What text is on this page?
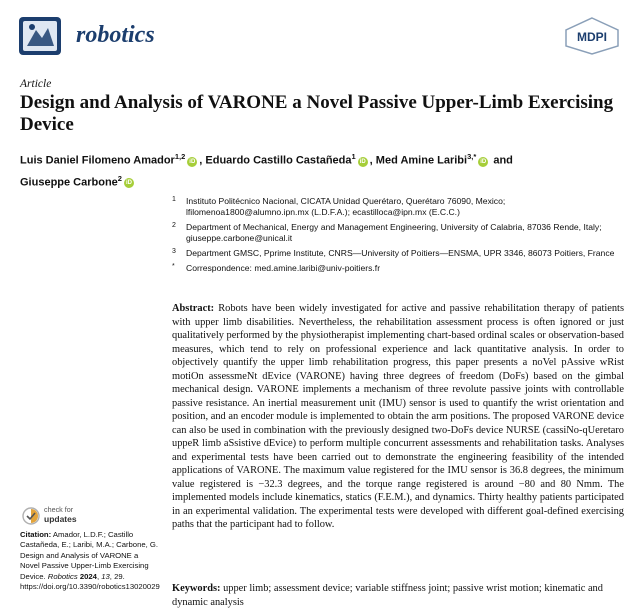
robotics	MDPI
Article
Design and Analysis of VARONE a Novel Passive Upper-Limb Exercising Device
Luis Daniel Filomeno Amador$^{1,2}$iD , Eduardo Castillo Castañeda$^1$iD , Med Amine Laribi$^{3,*}$iD and
Giuseppe Carbone$^2$iD
1 Instituto Politécnico Nacional, CICATA Unidad Querétaro, Querétaro 76090, Mexico; lfilomenoa1800@alumno.ipn.mx (L.D.F.A.); ecastilloca@ipn.mx (E.C.C.)
2 Department of Mechanical, Energy and Management Engineering, University of Calabria, 87036 Rende, Italy; giuseppe.carbone@unical.it
3 Department GMSC, Pprime Institute, CNRS—University of Poitiers—ENSMA, UPR 3346, 86073 Poitiers, France
* Correspondence: med.amine.laribi@univ-poitiers.fr
Abstract: Robots have been widely investigated for active and passive rehabilitation therapy of patients with upper limb disabilities. Nevertheless, the rehabilitation assessment process is often ignored or just qualitatively performed by the physiotherapist implementing chart-based ordinal scales or observation-based measures, which tend to rely on professional experience and lack quantitative analysis. In order to objectively quantify the upper limb rehabilitation progress, this paper presents a noVel pAssive wRist motiOn assessmeNt dEvice (VARONE) having three degrees of freedom (DoFs) based on the gimbal mechanical design. VARONE implements a mechanism of three revolute passive joints with controllable passive resistance. An inertial measurement unit (IMU) sensor is used to quantify the wrist orientation and position, and an encoder module is implemented to obtain the arm positions. The proposed VARONE device can also be used in combination with the previously designed two-DoFs device NURSE (cassiNo-qUeretaro uppeR limb aSsistive dEvice) to perform multiple concurrent assessments and rehabilitation tasks. Analyses and experimental tests have been carried out to demonstrate the engineering feasibility of the intended applications of VARONE. The maximum value registered for the IMU sensor is 36.8 degrees, the minimum value registered is −32.3 degrees, and the torque range registered is around −80 and 80 Nmm. The implemented models include kinematics, statics (F.E.M.), and dynamics. Thirty healthy patients participated in an experimental validation. The experimental tests were developed with different goal-defined exercising paths that the participant had to follow.
check for
updates
Citation: Amador, L.D.F.; Castillo Castañeda, E.; Laribi, M.A.; Carbone, G. Design and Analysis of VARONE a Novel Passive Upper-Limb Exercising Device. Robotics 2024, 13, 29. https://doi.org/10.3390/robotics13020029 Keywords: upper limb; assessment device; variable stiffness joint; passive wrist motion; kinematic and dynamic analysis
